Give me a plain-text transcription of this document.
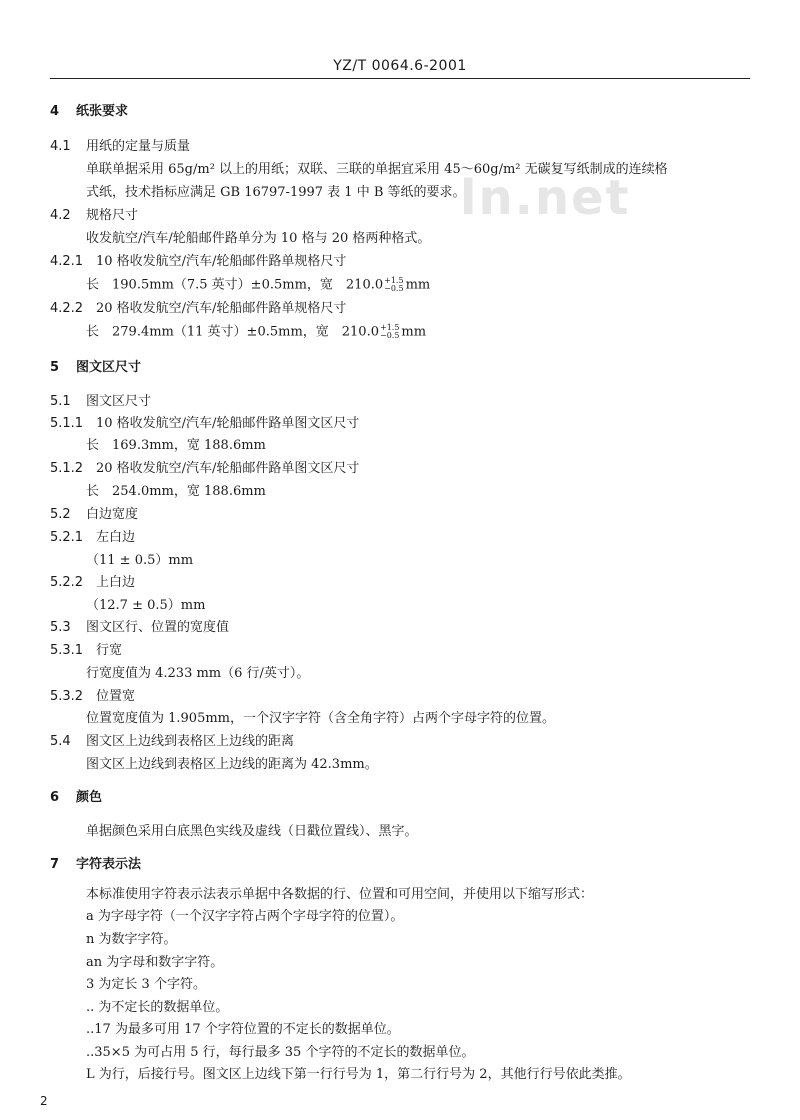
ln.net
YZ/T 0064.6-2001
4 纸张要求
4.1 用纸的定量与质量
单联单据采用 65g/m² 以上的用纸；双联、三联的单据宜采用 45～60g/m² 无碳复写纸制成的连续格
式纸，技术指标应满足 GB 16797-1997 表 1 中 B 等纸的要求。
4.2 规格尺寸
收发航空/汽车/轮船邮件路单分为 10 格与 20 格两种格式。
4.2.1 10 格收发航空/汽车/轮船邮件路单规格尺寸
长　190.5mm（7.5 英寸）±0.5mm，宽　210.0 +1.5
−0.5 mm
4.2.2 20 格收发航空/汽车/轮船邮件路单规格尺寸
长　279.4mm（11 英寸）±0.5mm，宽　210.0 +1.5
−0.5 mm
5 图文区尺寸
5.1 图文区尺寸
5.1.1 10 格收发航空/汽车/轮船邮件路单图文区尺寸
长　169.3mm，宽 188.6mm
5.1.2 20 格收发航空/汽车/轮船邮件路单图文区尺寸
长　254.0mm，宽 188.6mm
5.2 白边宽度
5.2.1 左白边
（11 ± 0.5）mm
5.2.2 上白边
（12.7 ± 0.5）mm
5.3 图文区行、位置的宽度值
5.3.1 行宽
行宽度值为 4.233 mm（6 行/英寸）。
5.3.2 位置宽
位置宽度值为 1.905mm，一个汉字字符（含全角字符）占两个字母字符的位置。
5.4 图文区上边线到表格区上边线的距离
图文区上边线到表格区上边线的距离为 42.3mm。
6 颜色
单据颜色采用白底黑色实线及虚线（日戳位置线）、黑字。
7 字符表示法
本标准使用字符表示法表示单据中各数据的行、位置和可用空间，并使用以下缩写形式：
a 为字母字符（一个汉字字符占两个字母字符的位置）。
n 为数字字符。
an 为字母和数字字符。
3 为定长 3 个字符。
.. 为不定长的数据单位。
..17 为最多可用 17 个字符位置的不定长的数据单位。
..35×5 为可占用 5 行，每行最多 35 个字符的不定长的数据单位。
L 为行，后接行号。图文区上边线下第一行行号为 1，第二行行号为 2，其他行行号依此类推。
2
